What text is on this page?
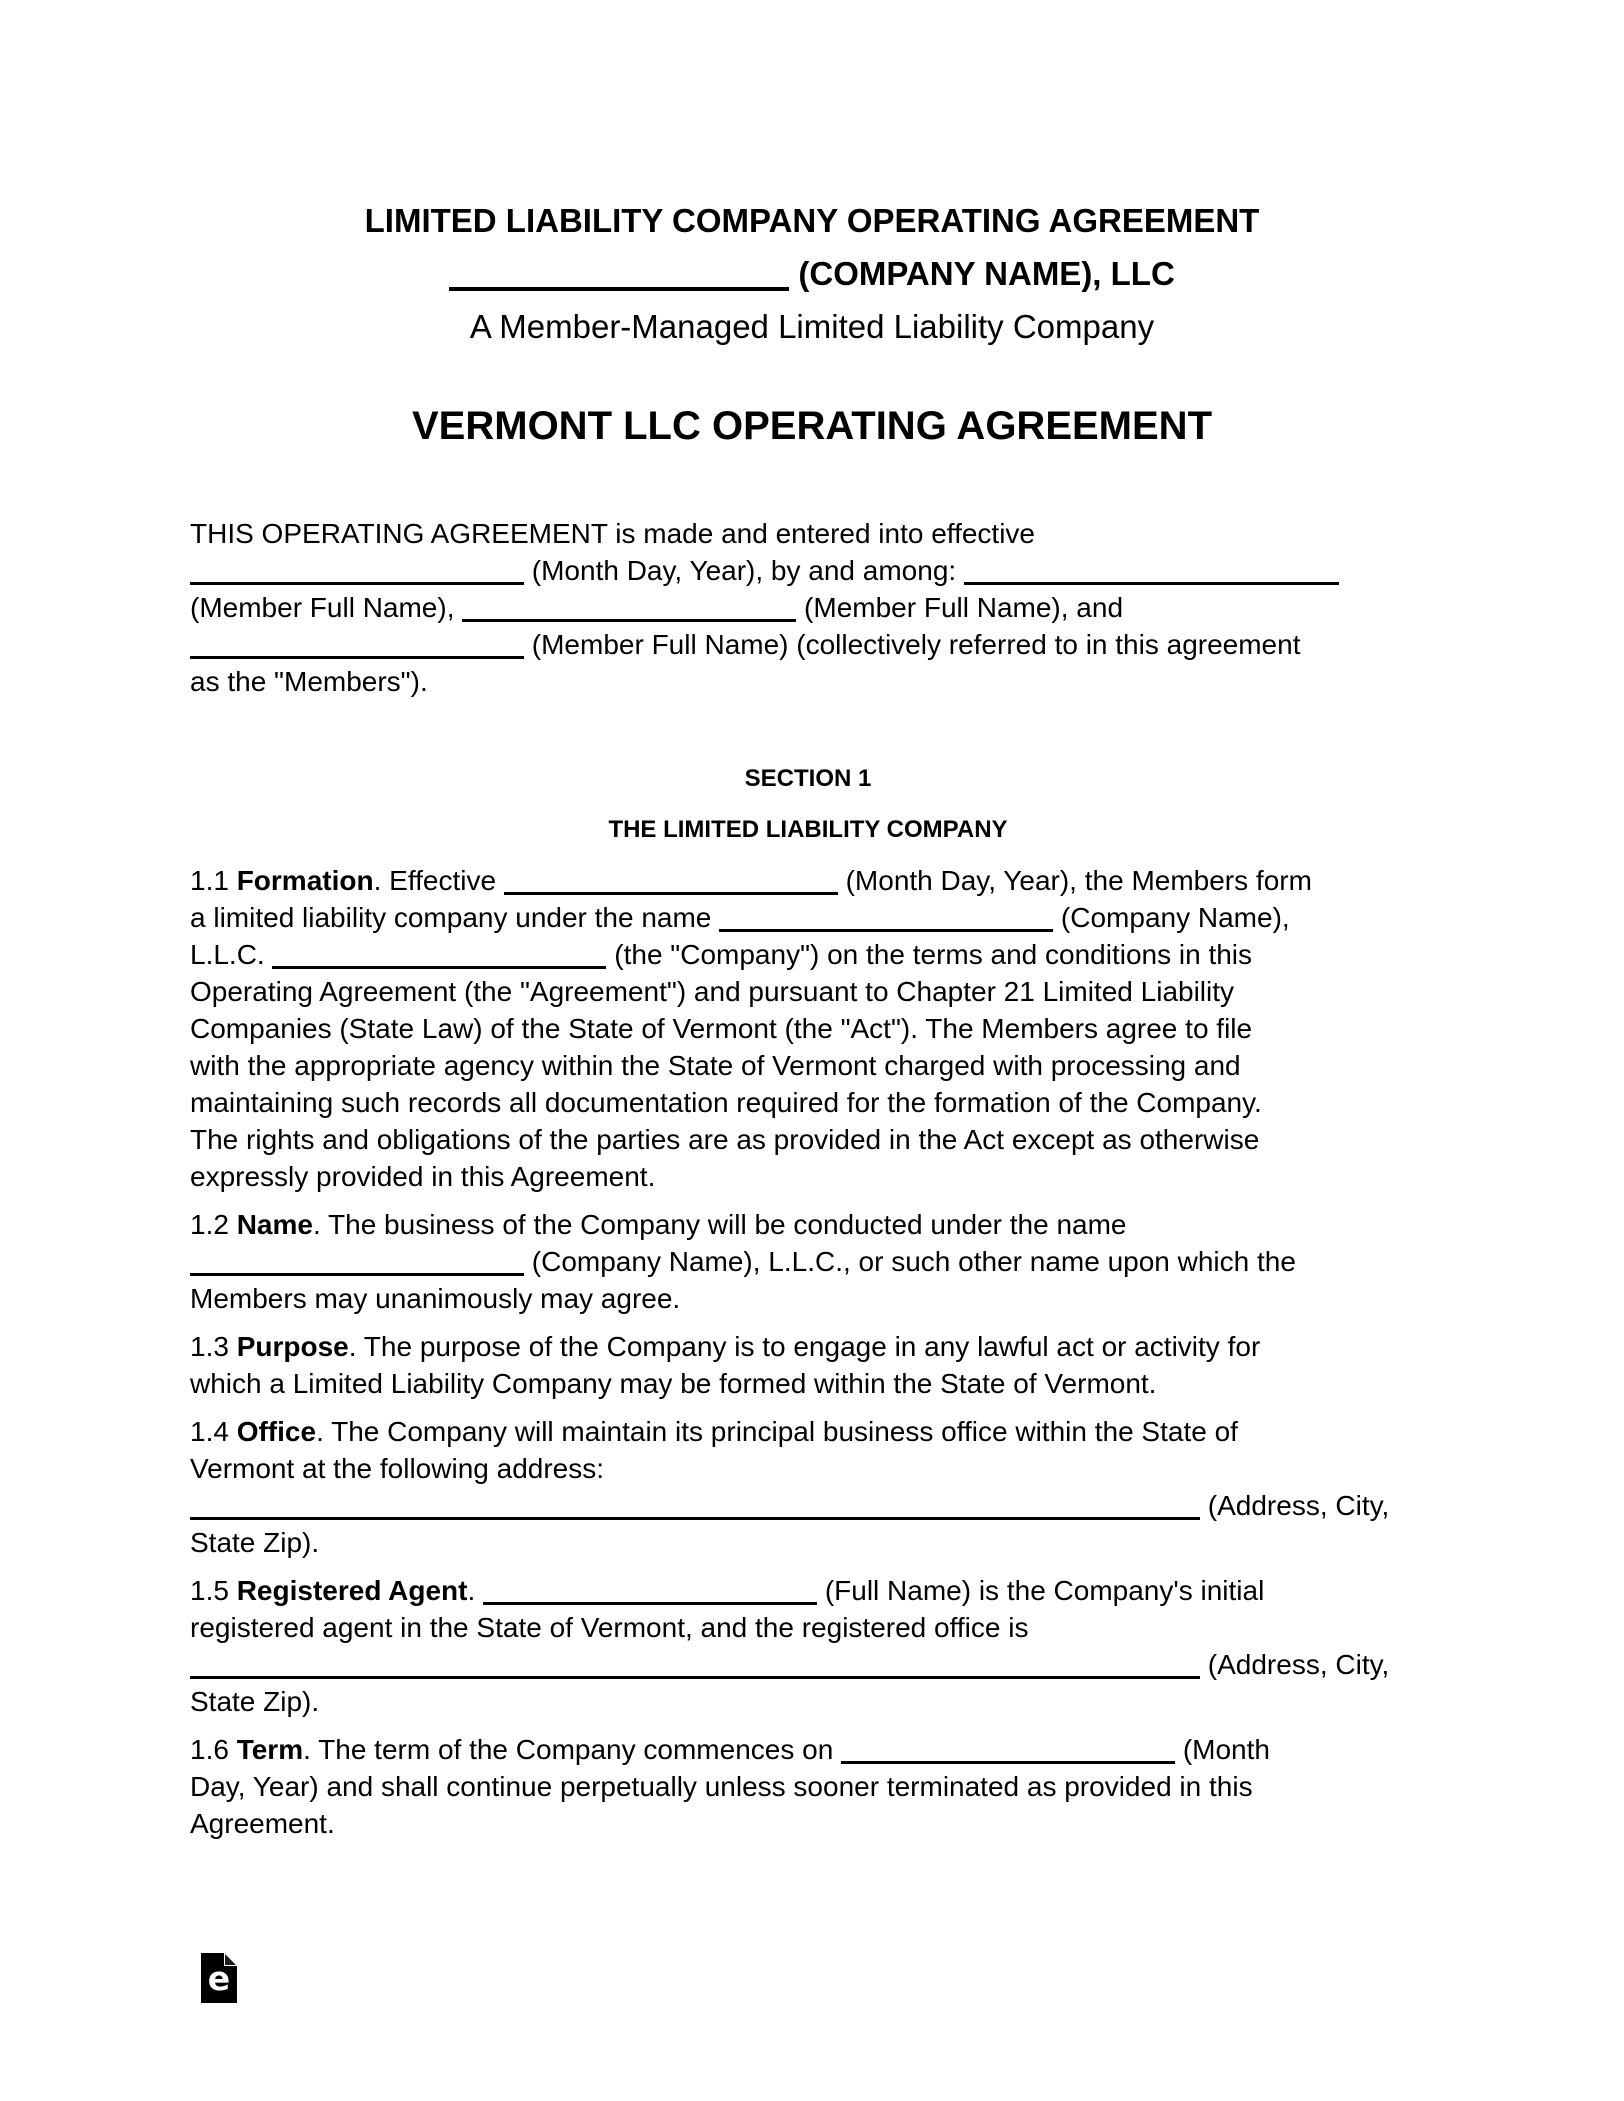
LIMITED LIABILITY COMPANY OPERATING AGREEMENT
(COMPANY NAME), LLC
A Member-Managed Limited Liability Company
VERMONT LLC OPERATING AGREEMENT
THIS OPERATING AGREEMENT is made and entered into effective
(Month Day, Year), by and among:
(Member Full Name),	(Member Full Name), and
(Member Full Name) (collectively referred to in this agreement
as the "Members").
SECTION 1
THE LIMITED LIABILITY COMPANY
1.1 Formation. Effective	(Month Day, Year), the Members form
a limited liability company under the name	(Company Name),
L.L.C.	(the "Company") on the terms and conditions in this
Operating Agreement (the "Agreement") and pursuant to Chapter 21 Limited Liability
Companies (State Law) of the State of Vermont (the "Act"). The Members agree to file
with the appropriate agency within the State of Vermont charged with processing and
maintaining such records all documentation required for the formation of the Company.
The rights and obligations of the parties are as provided in the Act except as otherwise
expressly provided in this Agreement.
1.2 Name. The business of the Company will be conducted under the name
(Company Name), L.L.C., or such other name upon which the
Members may unanimously may agree.
1.3 Purpose. The purpose of the Company is to engage in any lawful act or activity for
which a Limited Liability Company may be formed within the State of Vermont.
1.4 Office. The Company will maintain its principal business office within the State of
Vermont at the following address:
(Address, City,
State Zip).
1.5 Registered Agent.	(Full Name) is the Company's initial
registered agent in the State of Vermont, and the registered office is
(Address, City,
State Zip).
1.6 Term. The term of the Company commences on	(Month
Day, Year) and shall continue perpetually unless sooner terminated as provided in this
Agreement.
e
